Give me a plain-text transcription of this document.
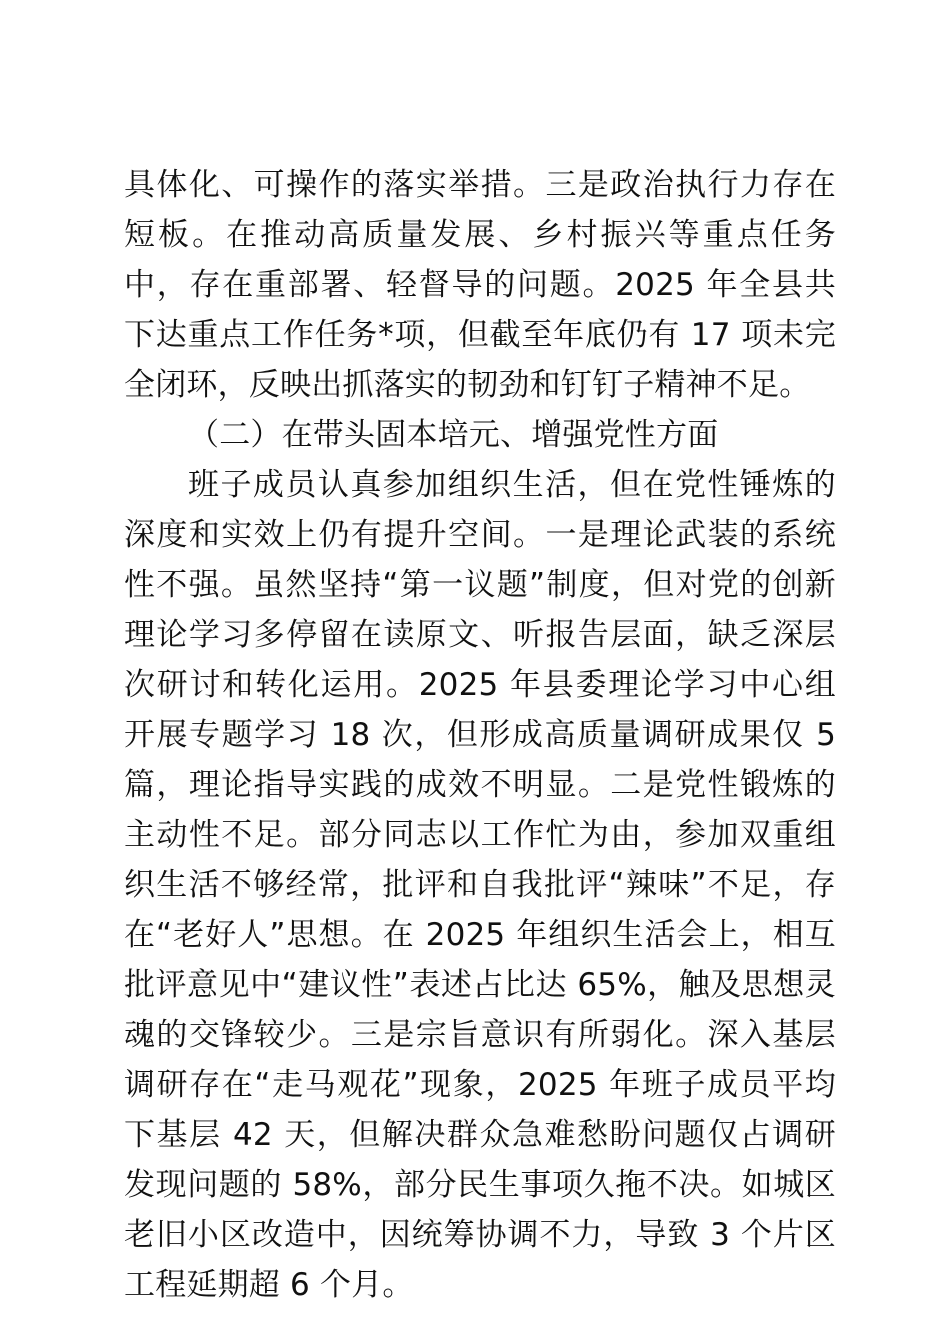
具体化、可操作的落实举措。三是政治执行力存在短板。在推动高质量发展、乡村振兴等重点任务中，存在重部署、轻督导的问题。2025 年全县共下达重点工作任务*项，但截至年底仍有 17 项未完全闭环，反映出抓落实的韧劲和钉钉子精神不足。

（二）在带头固本培元、增强党性方面

班子成员认真参加组织生活，但在党性锤炼的深度和实效上仍有提升空间。一是理论武装的系统性不强。虽然坚持“第一议题”制度，但对党的创新理论学习多停留在读原文、听报告层面，缺乏深层次研讨和转化运用。2025 年县委理论学习中心组开展专题学习 18 次，但形成高质量调研成果仅 5 篇，理论指导实践的成效不明显。二是党性锻炼的主动性不足。部分同志以工作忙为由，参加双重组织生活不够经常，批评和自我批评“辣味”不足，存在“老好人”思想。在 2025 年组织生活会上，相互批评意见中“建议性”表述占比达 65%，触及思想灵魂的交锋较少。三是宗旨意识有所弱化。深入基层调研存在“走马观花”现象，2025 年班子成员平均下基层 42 天，但解决群众急难愁盼问题仅占调研发现问题的 58%，部分民生事项久拖不决。如城区老旧小区改造中，因统筹协调不力，导致 3 个片区工程延期超 6 个月。
